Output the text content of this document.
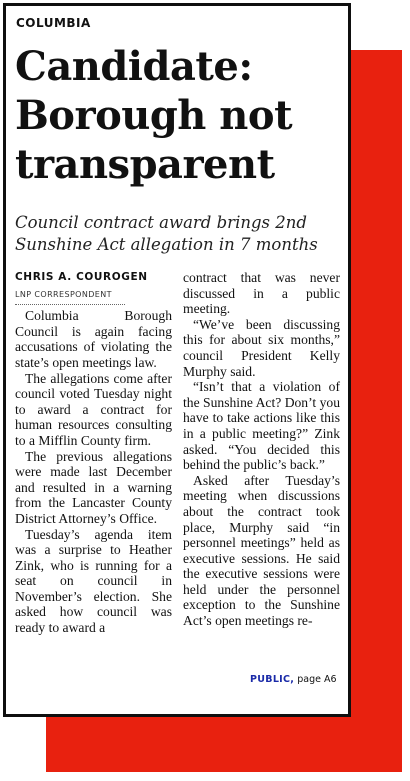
COLUMBIA
Candidate:
Borough not
transparent
Council contract award brings 2nd
Sunshine Act allegation in 7 months
CHRIS A. COUROGEN
LNP CORRESPONDENT

Columbia Borough Council is again facing accusations of violating the state’s open meetings law.

The allegations come after council voted Tuesday night to award a contract for human resources consulting to a Mifflin County firm.

The previous allegations were made last December and resulted in a warning from the Lancaster County District Attorney’s Office.

Tuesday’s agenda item was a surprise to Heather Zink, who is running for a seat on council in November’s election. She asked how council was ready to award a

contract that was never discussed in a public meeting.

“We’ve been discussing this for about six months,” council President Kelly Murphy said.

“Isn’t that a violation of the Sunshine Act? Don’t you have to take actions like this in a public meeting?” Zink asked. “You decided this behind the public’s back.”

Asked after Tuesday’s meeting when discussions about the contract took place, Murphy said “in personnel meetings” held as executive sessions. He said the executive sessions were held under the personnel exception to the Sunshine Act’s open meetings re-

PUBLIC, page A6
